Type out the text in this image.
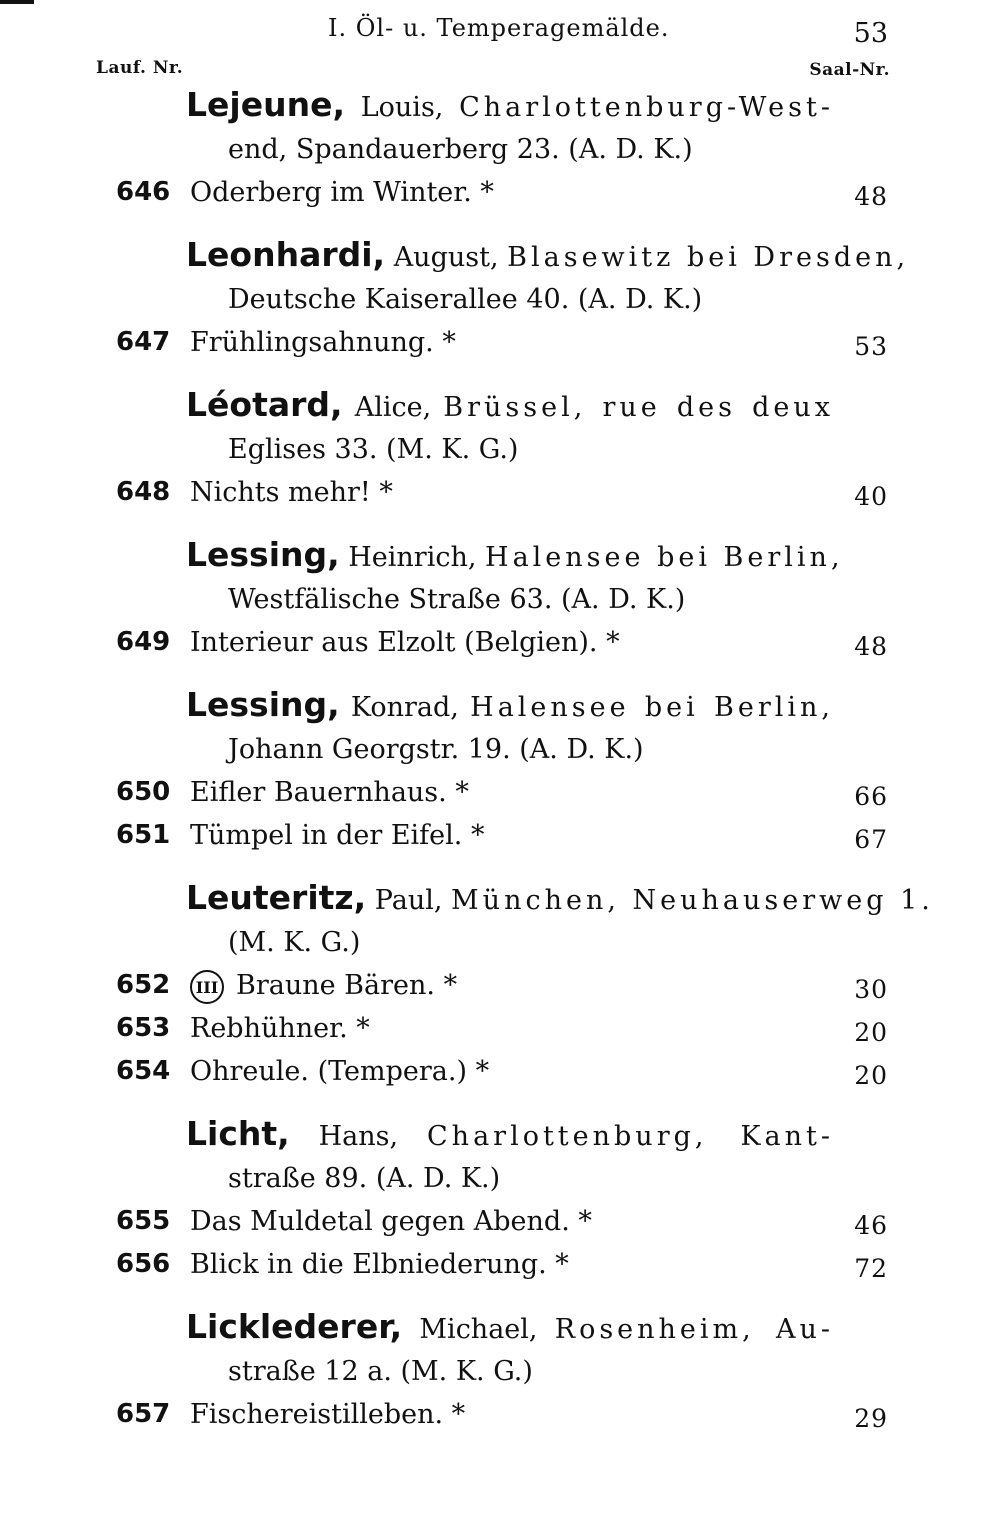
I. Öl- u. Temperagemälde.	53
Lauf. Nr.	Saal-Nr.
Lejeune, Louis, Charlottenburg-West-
end, Spandauerberg 23. (A. D. K.)
646 Oderberg im Winter. *	48
Leonhardi, August, Blasewitz bei Dresden,
Deutsche Kaiserallee 40. (A. D. K.)
647 Frühlingsahnung. *	53
Léotard, Alice, Brüssel, rue des deux
Eglises 33. (M. K. G.)
648 Nichts mehr! *	40
Lessing, Heinrich, Halensee bei Berlin,
Westfälische Straße 63. (A. D. K.)
649 Interieur aus Elzolt (Belgien). *	48
Lessing, Konrad, Halensee bei Berlin,
Johann Georgstr. 19. (A. D. K.)
650 Eifler Bauernhaus. *	66
651 Tümpel in der Eifel. *	67
Leuteritz, Paul, München, Neuhauserweg 1.
(M. K. G.)
652	III Braune Bären. *	30
653 Rebhühner. *	20
654 Ohreule. (Tempera.) *	20
Licht, Hans, Charlottenburg, Kant-
straße 89. (A. D. K.)
655 Das Muldetal gegen Abend. *	46
656 Blick in die Elbniederung. *	72
Licklederer, Michael, Rosenheim, Au-
straße 12 a. (M. K. G.)
657 Fischereistilleben. *	29
